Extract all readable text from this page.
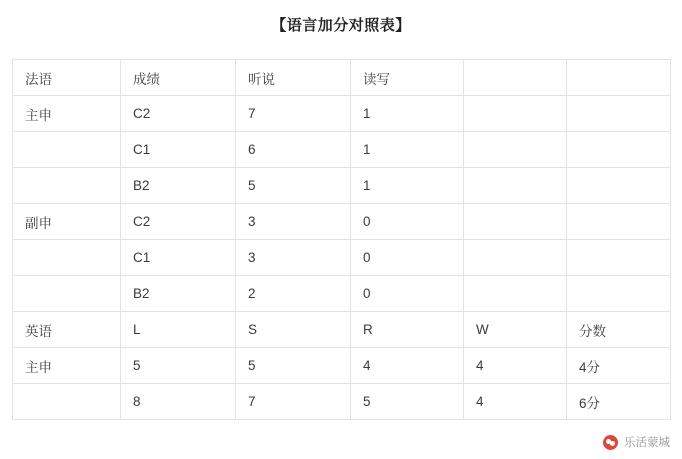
【语言加分对照表】
法语	成绩	听说	读写		
主申	C2	7	1		
	C1	6	1		
	B2	5	1		
副申	C2	3	0		
	C1	3	0		
	B2	2	0		
英语	L	S	R	W	分数
主申	5	5	4	4	4分
	8	7	5	4	6分
乐活蒙城
